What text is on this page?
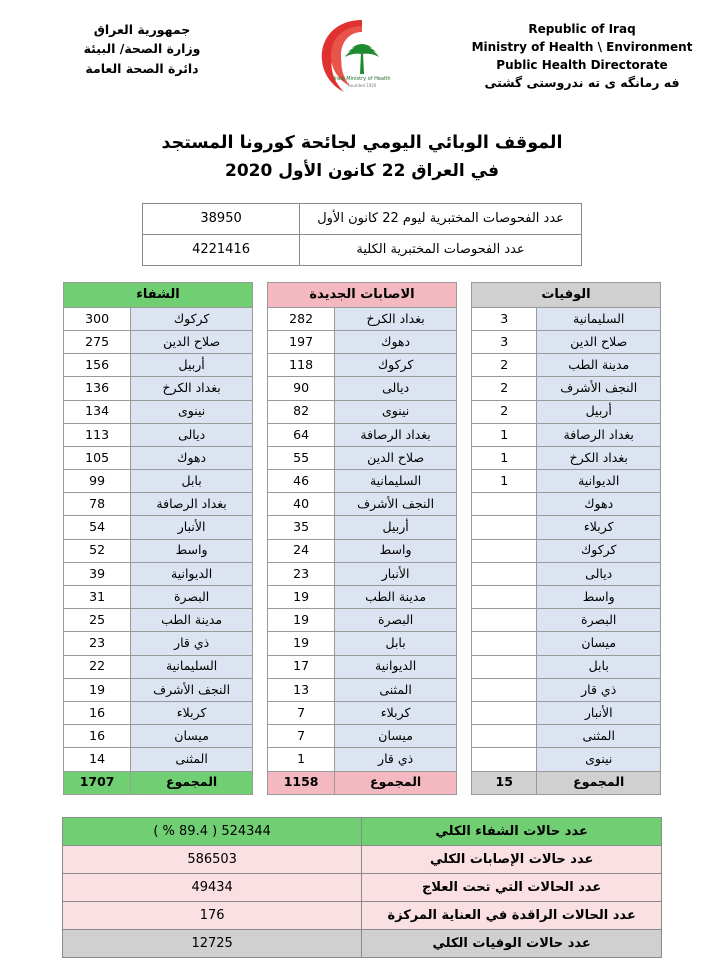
Republic of Iraq
Ministry of Health \ Environment
Public Health Directorate
فه رمانگه ى ته ندروستى گشتى
Iraqi Ministry of Health
Founded 1920
جمهورية العراق
وزارة الصحة/ البيئة
دائرة الصحة العامة
الموقف الوبائي اليومي لجائحة كورونا المستجد
في العراق 22 كانون الأول 2020
عدد الفحوصات المختبرية ليوم 22 كانون الأول	38950
عدد الفحوصات المختبرية الكلية	4221416
الوفيات	
السليمانية	3
صلاح الدين	3
مدينة الطب	2
النجف الأشرف	2
أربيل	2
بغداد الرصافة	1
بغداد الكرخ	1
الديوانية	1
دهوك	
كربلاء	
كركوك	
ديالى	
واسط	
البصرة	
ميسان	
بابل	
ذي قار	
الأنبار	
المثنى	
نينوى	
المجموع	15
الاصابات الجديدة	
بغداد الكرخ	282
دهوك	197
كركوك	118
ديالى	90
نينوى	82
بغداد الرصافة	64
صلاح الدين	55
السليمانية	46
النجف الأشرف	40
أربيل	35
واسط	24
الأنبار	23
مدينة الطب	19
البصرة	19
بابل	19
الديوانية	17
المثنى	13
كربلاء	7
ميسان	7
ذي قار	1
المجموع	1158
الشفاء	
كركوك	300
صلاح الدين	275
أربيل	156
بغداد الكرخ	136
نينوى	134
ديالى	113
دهوك	105
بابل	99
بغداد الرصافة	78
الأنبار	54
واسط	52
الديوانية	39
البصرة	31
مدينة الطب	25
ذي قار	23
السليمانية	22
النجف الأشرف	19
كربلاء	16
ميسان	16
المثنى	14
المجموع	1707
عدد حالات الشفاء الكلي	524344 ( 89.4 % )
عدد حالات الإصابات الكلي	586503
عدد الحالات التي تحت العلاج	49434
عدد الحالات الراقدة في العناية المركزة	176
عدد حالات الوفيات الكلي	12725
